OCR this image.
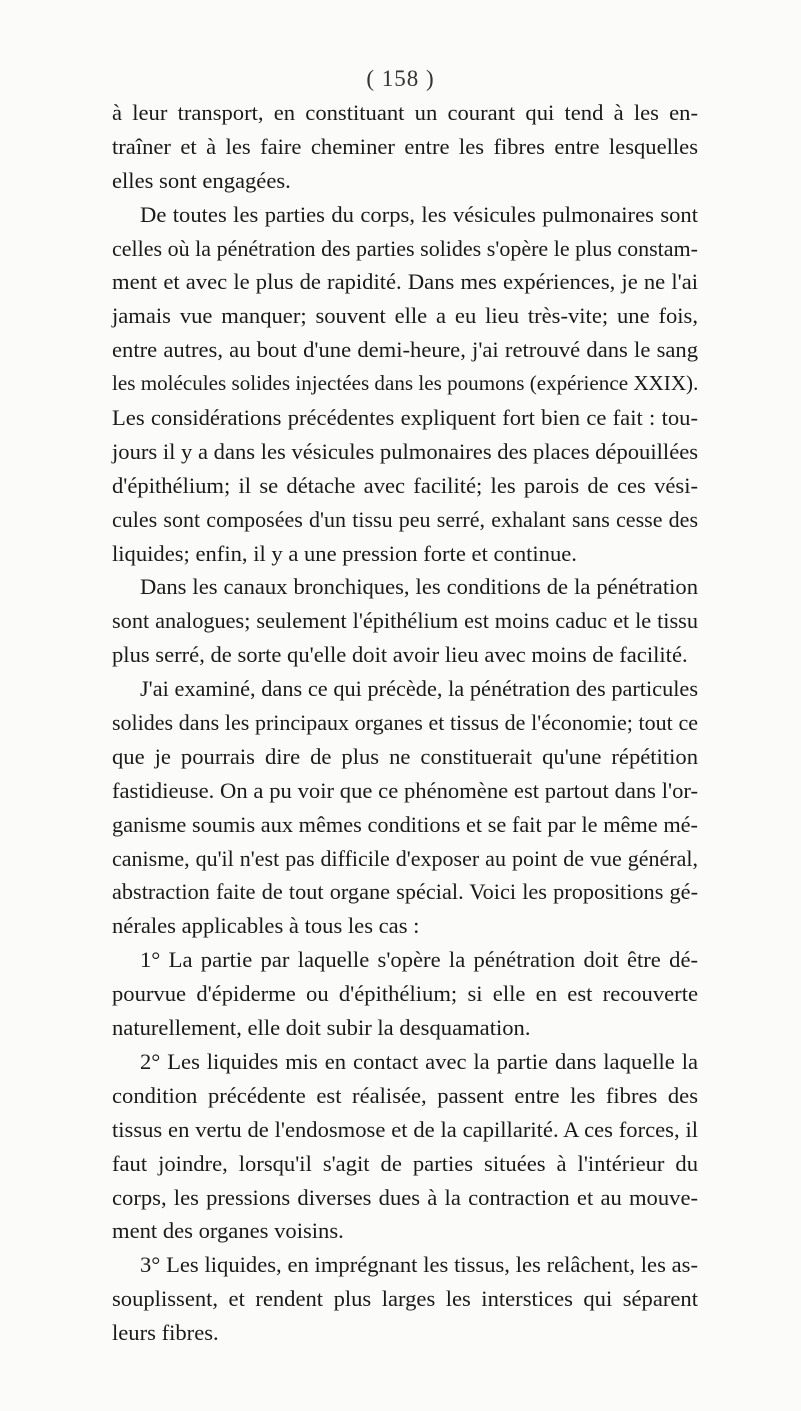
( 158 )
à leur transport, en constituant un courant qui tend à les en-
traîner et à les faire cheminer entre les fibres entre lesquelles
elles sont engagées.
De toutes les parties du corps, les vésicules pulmonaires sont
celles où la pénétration des parties solides s'opère le plus constam-
ment et avec le plus de rapidité. Dans mes expériences, je ne l'ai
jamais vue manquer; souvent elle a eu lieu très-vite; une fois,
entre autres, au bout d'une demi-heure, j'ai retrouvé dans le sang
les molécules solides injectées dans les poumons (expérience XXIX).
Les considérations précédentes expliquent fort bien ce fait : tou-
jours il y a dans les vésicules pulmonaires des places dépouillées
d'épithélium; il se détache avec facilité; les parois de ces vési-
cules sont composées d'un tissu peu serré, exhalant sans cesse des
liquides; enfin, il y a une pression forte et continue.
Dans les canaux bronchiques, les conditions de la pénétration
sont analogues; seulement l'épithélium est moins caduc et le tissu
plus serré, de sorte qu'elle doit avoir lieu avec moins de facilité.
J'ai examiné, dans ce qui précède, la pénétration des particules
solides dans les principaux organes et tissus de l'économie; tout ce
que je pourrais dire de plus ne constituerait qu'une répétition
fastidieuse. On a pu voir que ce phénomène est partout dans l'or-
ganisme soumis aux mêmes conditions et se fait par le même mé-
canisme, qu'il n'est pas difficile d'exposer au point de vue général,
abstraction faite de tout organe spécial. Voici les propositions gé-
nérales applicables à tous les cas :
1° La partie par laquelle s'opère la pénétration doit être dé-
pourvue d'épiderme ou d'épithélium; si elle en est recouverte
naturellement, elle doit subir la desquamation.
2° Les liquides mis en contact avec la partie dans laquelle la
condition précédente est réalisée, passent entre les fibres des
tissus en vertu de l'endosmose et de la capillarité. A ces forces, il
faut joindre, lorsqu'il s'agit de parties situées à l'intérieur du
corps, les pressions diverses dues à la contraction et au mouve-
ment des organes voisins.
3° Les liquides, en imprégnant les tissus, les relâchent, les as-
souplissent, et rendent plus larges les interstices qui séparent
leurs fibres.
